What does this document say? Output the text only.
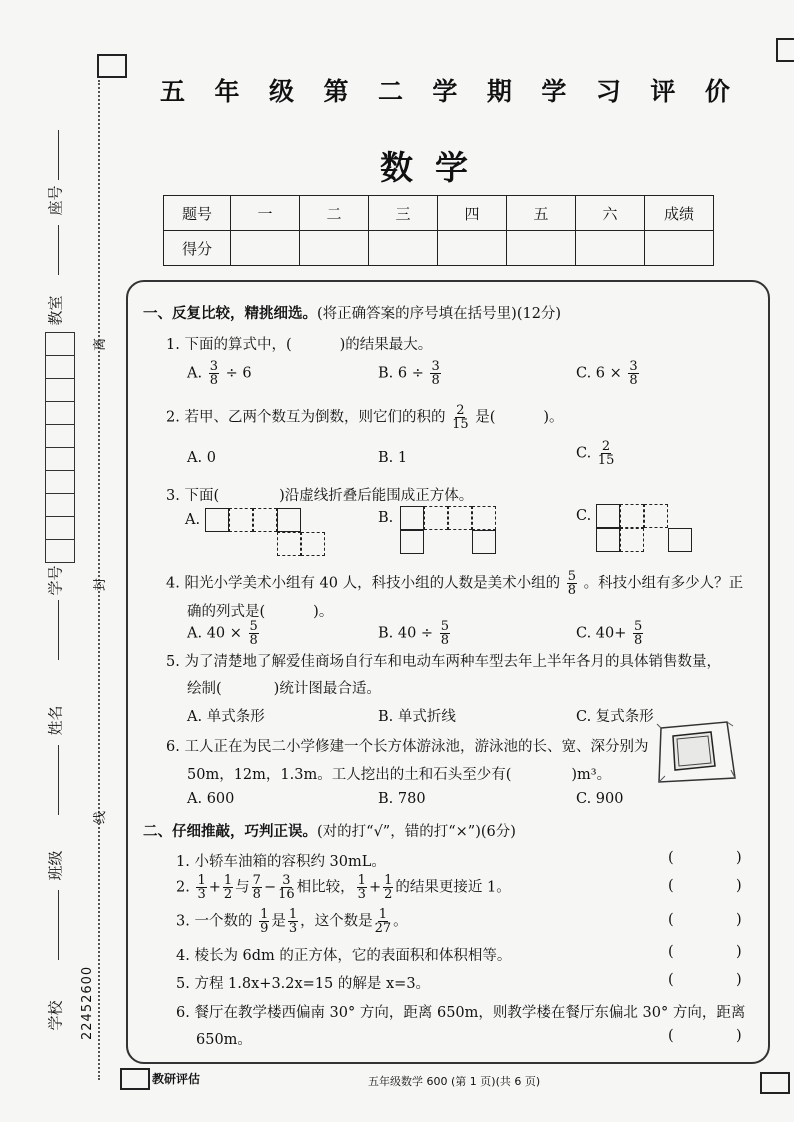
座号
教室
离
学号	封
姓名
线
班级
学校 22452600
五 年 级 第 二 学 期 学 习 评 价
数学
题号	一	二	三	四	五	六	成绩
得分							
一、反复比较，精挑细选。(将正确答案的序号填在括号里)(12分)
1. 下面的算式中，(	)的结果最大。
A. $\frac{3}{8} \div 6$	B. $6 \div \frac{3}{8}$	C. $6 \times \frac{3}{8}$
2. 若甲、乙两个数互为倒数，则它们的积的 $\frac{2}{15}$ 是(	)。
A. 0	B. 1	C. $\frac{2}{15}$
3. 下面(	)沿虚线折叠后能围成正方体。
A.	B.	C.
4. 阳光小学美术小组有 40 人，科技小组的人数是美术小组的 $\frac{5}{8}$ 。科技小组有多少人？正
确的列式是(	)。
A. $40 \times \frac{5}{8}$	B. $40 \div \frac{5}{8}$	C. $40+ \frac{5}{8}$
5. 为了清楚地了解爱佳商场自行车和电动车两种车型去年上半年各月的具体销售数量，
绘制(	)统计图最合适。
A. 单式条形	B. 单式折线	C. 复式条形
6. 工人正在为民二小学修建一个长方体游泳池，游泳池的长、宽、深分别为
50m，12m，1.3m。工人挖出的土和石头至少有(	)m³。
A. 600	B. 780	C. 900
二、仔细推敲，巧判正误。(对的打“√”，错的打“×”)(6分)
1. 小轿车油箱的容积约 30mL。	(	)
2. $\frac{1}{3} + \frac{1}{2}$ 与 $\frac{7}{8} - \frac{3}{16}$ 相比较， $\frac{1}{3} + \frac{1}{2}$ 的结果更接近 1。	(	)
3. 一个数的 $\frac{1}{9}$ 是 $\frac{1}{3}$ ，这个数是 $\frac{1}{27}$ 。	(	)
4. 棱长为 6dm 的正方体，它的表面积和体积相等。	(	)
5. 方程 1.8x+3.2x=15 的解是 x=3。	(	)
6. 餐厅在教学楼西偏南 30° 方向，距离 650m，则教学楼在餐厅东偏北 30° 方向，距离
650m。	(	)
教研评估	五年级数学 600 (第 1 页)(共 6 页)
